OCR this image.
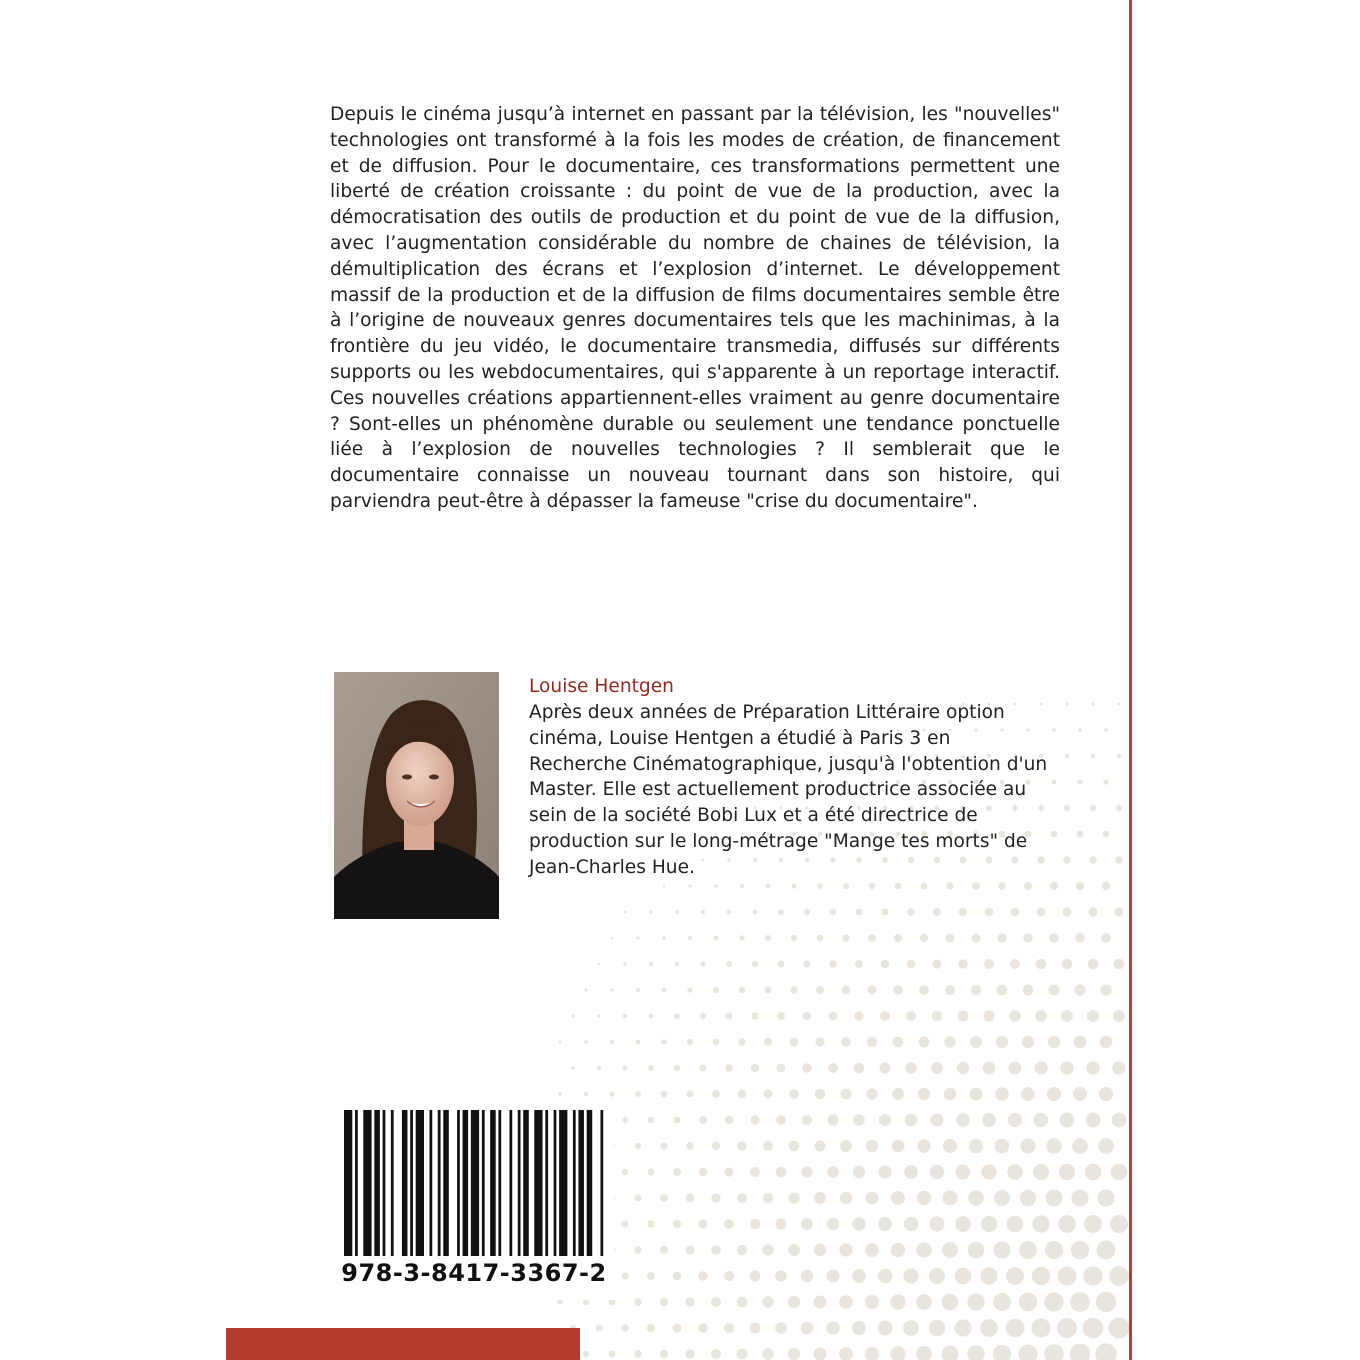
Depuis le cinéma jusqu’à internet en passant par la télévision, les "nouvelles" technologies ont transformé à la fois les modes de création, de financement et de diffusion. Pour le documentaire, ces transformations permettent une liberté de création croissante : du point de vue de la production, avec la démocratisation des outils de production et du point de vue de la diffusion, avec l’augmentation considérable du nombre de chaines de télévision, la démultiplication des écrans et l’explosion d’internet. Le développement massif de la production et de la diffusion de films documentaires semble être à l’origine de nouveaux genres documentaires tels que les machinimas, à la frontière du jeu vidéo, le documentaire transmedia, diffusés sur différents supports ou les webdocumentaires, qui s'apparente à un reportage interactif. Ces nouvelles créations appartiennent-elles vraiment au genre documentaire ? Sont-elles un phénomène durable ou seulement une tendance ponctuelle liée à l’explosion de nouvelles technologies ? Il semblerait que le documentaire connaisse un nouveau tournant dans son histoire, qui parviendra peut-être à dépasser la fameuse "crise du documentaire".

Louise Hentgen

Après deux années de Préparation Littéraire option cinéma, Louise Hentgen a étudié à Paris 3 en Recherche Cinématographique, jusqu'à l'obtention d'un Master. Elle est actuellement productrice associée au sein de la société Bobi Lux et a été directrice de production sur le long-métrage "Mange tes morts" de Jean-Charles Hue.

978-3-8417-3367-2
